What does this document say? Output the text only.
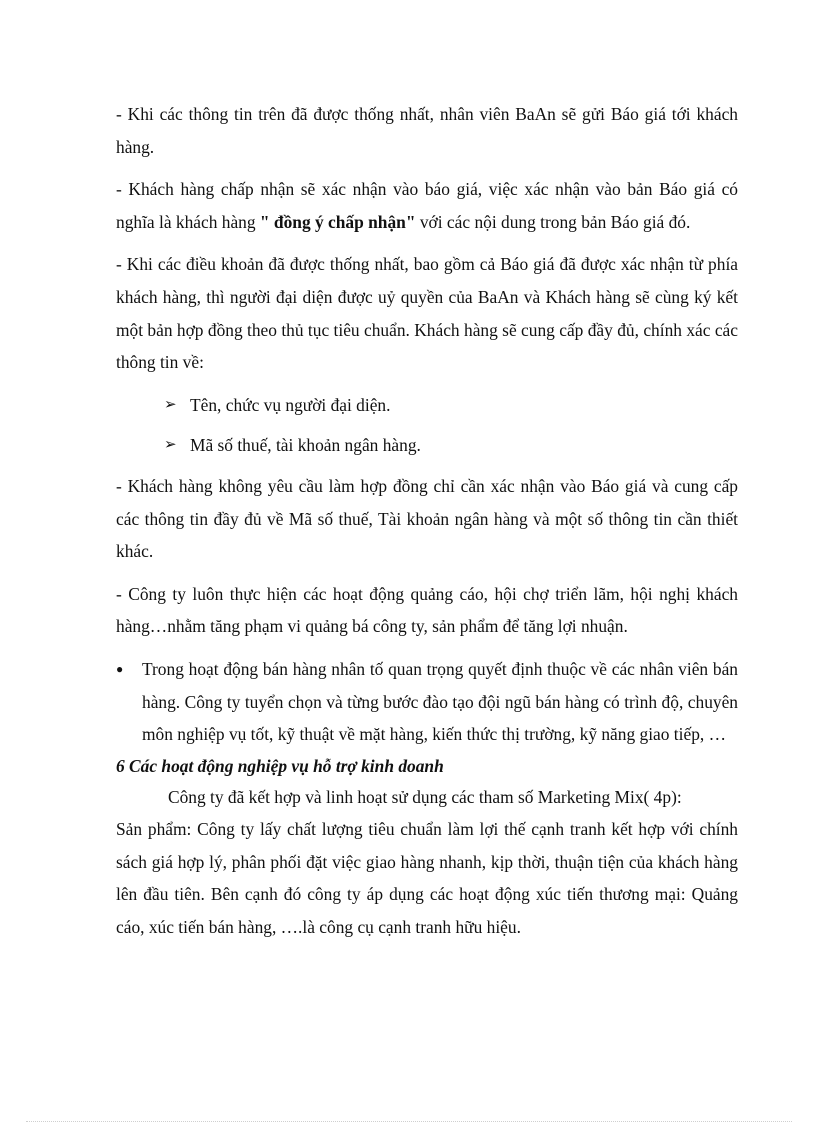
- Khi các thông tin trên đã được thống nhất, nhân viên BaAn sẽ gửi Báo giá tới khách hàng.

- Khách hàng chấp nhận sẽ xác nhận vào báo giá, việc xác nhận vào bản Báo giá có nghĩa là khách hàng " đồng ý chấp nhận" với các nội dung trong bản Báo giá đó.

- Khi các điều khoản đã được thống nhất, bao gồm cả Báo giá đã được xác nhận từ phía khách hàng, thì người đại diện được uỷ quyền của BaAn và Khách hàng sẽ cùng ký kết một bản hợp đồng theo thủ tục tiêu chuẩn. Khách hàng sẽ cung cấp đầy đủ, chính xác các thông tin về:

➢ Tên, chức vụ người đại diện.
➢ Mã số thuế, tài khoản ngân hàng.

- Khách hàng không yêu cầu làm hợp đồng chỉ cần xác nhận vào Báo giá và cung cấp các thông tin đầy đủ về Mã số thuế, Tài khoản ngân hàng và một số thông tin cần thiết khác.

- Công ty luôn thực hiện các hoạt động quảng cáo, hội chợ triển lãm, hội nghị khách hàng…nhằm tăng phạm vi quảng bá công ty, sản phẩm để tăng lợi nhuận.

● Trong hoạt động bán hàng nhân tố quan trọng quyết định thuộc về các nhân viên bán hàng. Công ty tuyển chọn và từng bước đào tạo đội ngũ bán hàng có trình độ, chuyên môn nghiệp vụ tốt, kỹ thuật về mặt hàng, kiến thức thị trường, kỹ năng giao tiếp, …

6 Các hoạt động nghiệp vụ hỗ trợ kinh doanh

Công ty đã kết hợp và linh hoạt sử dụng các tham số Marketing Mix( 4p):

Sản phẩm: Công ty lấy chất lượng tiêu chuẩn làm lợi thế cạnh tranh kết hợp với chính sách giá hợp lý, phân phối đặt việc giao hàng nhanh, kịp thời, thuận tiện của khách hàng lên đầu tiên. Bên cạnh đó công ty áp dụng các hoạt động xúc tiến thương mại: Quảng cáo, xúc tiến bán hàng, ….là công cụ cạnh tranh hữu hiệu.
